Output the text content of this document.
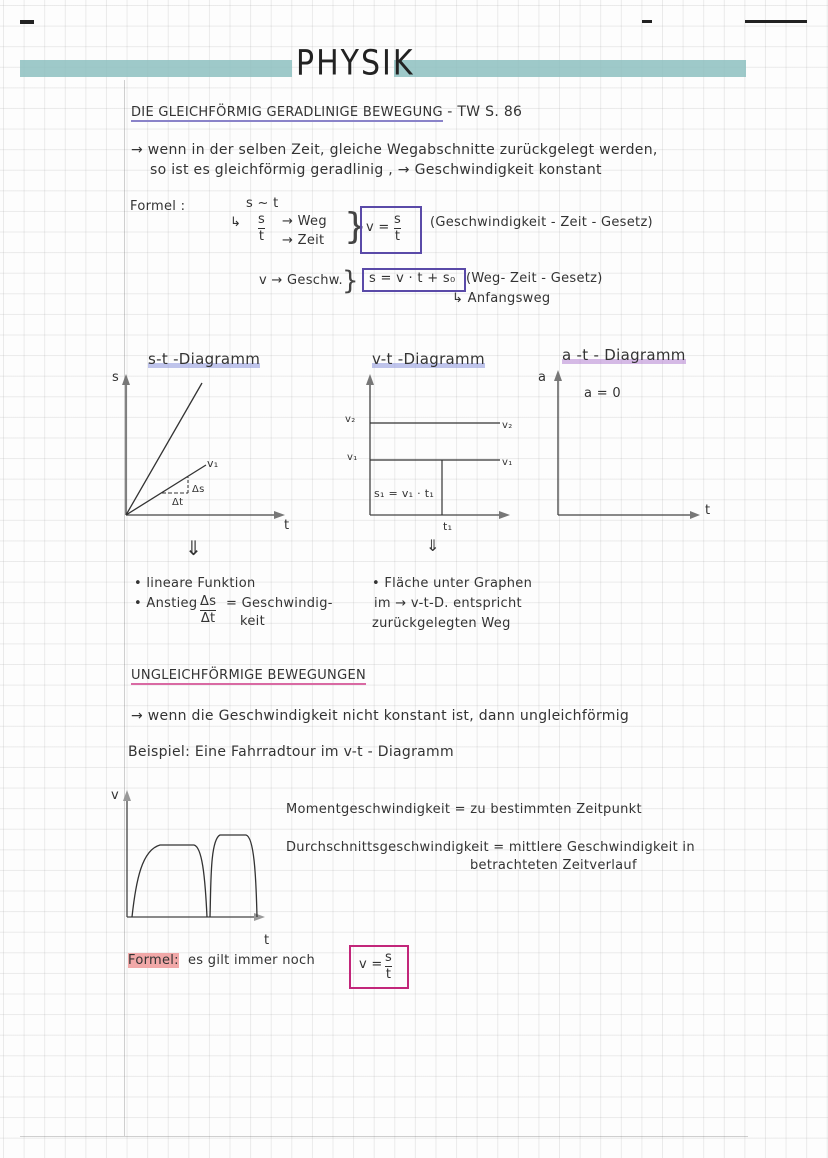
PHYSIK
DIE GLEICHFÖRMIG GERADLINIGE BEWEGUNG - TW S. 86
→ wenn in der selben Zeit, gleiche Wegabschnitte zurückgelegt werden,
so ist es gleichförmig geradlinig , → Geschwindigkeit konstant
Formel :	s ~ t
↳ $\frac{s}{t}$ → Weg
→ Zeit }
$v = \frac{s}{t}$ (Geschwindigkeit - Zeit - Gesetz)
v → Geschw. } s = v · t + s₀ (Weg- Zeit - Gesetz)
↳ Anfangsweg
s-t -Diagramm	v-t -Diagramm	a -t - Diagramm
s
t
v₁
Δs
Δt
v₂
v₁
v₂
v₁
s₁ = v₁ · t₁
t₁
a
t
a = 0
⇓	⇓
• lineare Funktion
• Anstieg $\frac{\Delta s}{\Delta t}$ = Geschwindig-
keit
• Fläche unter Graphen
im → v-t-D. entspricht
zurückgelegten Weg
UNGLEICHFÖRMIGE BEWEGUNGEN
→ wenn die Geschwindigkeit nicht konstant ist, dann ungleichförmig
Beispiel: Eine Fahrradtour im v-t - Diagramm
v
t
Momentgeschwindigkeit = zu bestimmten Zeitpunkt
Durchschnittsgeschwindigkeit = mittlere Geschwindigkeit in
betrachteten Zeitverlauf
Formel: es gilt immer noch	$v = \frac{s}{t}$
